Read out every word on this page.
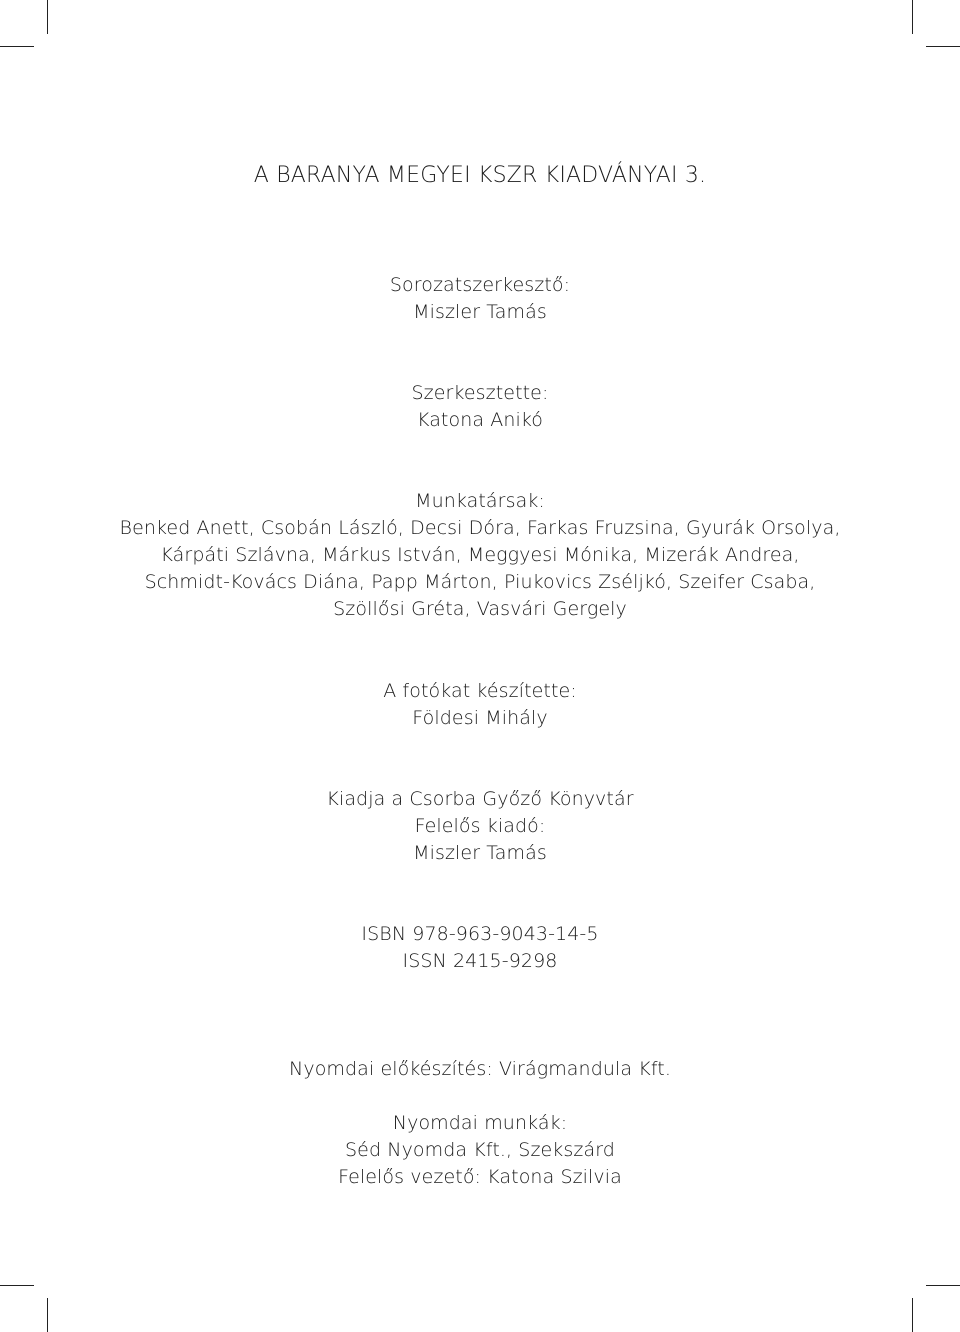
A BARANYA MEGYEI KSZR KIADVÁNYAI 3.
Sorozatszerkesztő:
Miszler Tamás
Szerkesztette:
Katona Anikó
Munkatársak:
Benked Anett, Csobán László, Decsi Dóra, Farkas Fruzsina, Gyurák Orsolya,
Kárpáti Szlávna, Márkus István, Meggyesi Mónika, Mizerák Andrea,
Schmidt-Kovács Diána, Papp Márton, Piukovics Zséljkó, Szeifer Csaba,
Szöllősi Gréta, Vasvári Gergely
A fotókat készítette:
Földesi Mihály
Kiadja a Csorba Győző Könyvtár
Felelős kiadó:
Miszler Tamás
ISBN 978-963-9043-14-5
ISSN 2415-9298
Nyomdai előkészítés: Virágmandula Kft.
Nyomdai munkák:
Séd Nyomda Kft., Szekszárd
Felelős vezető: Katona Szilvia
